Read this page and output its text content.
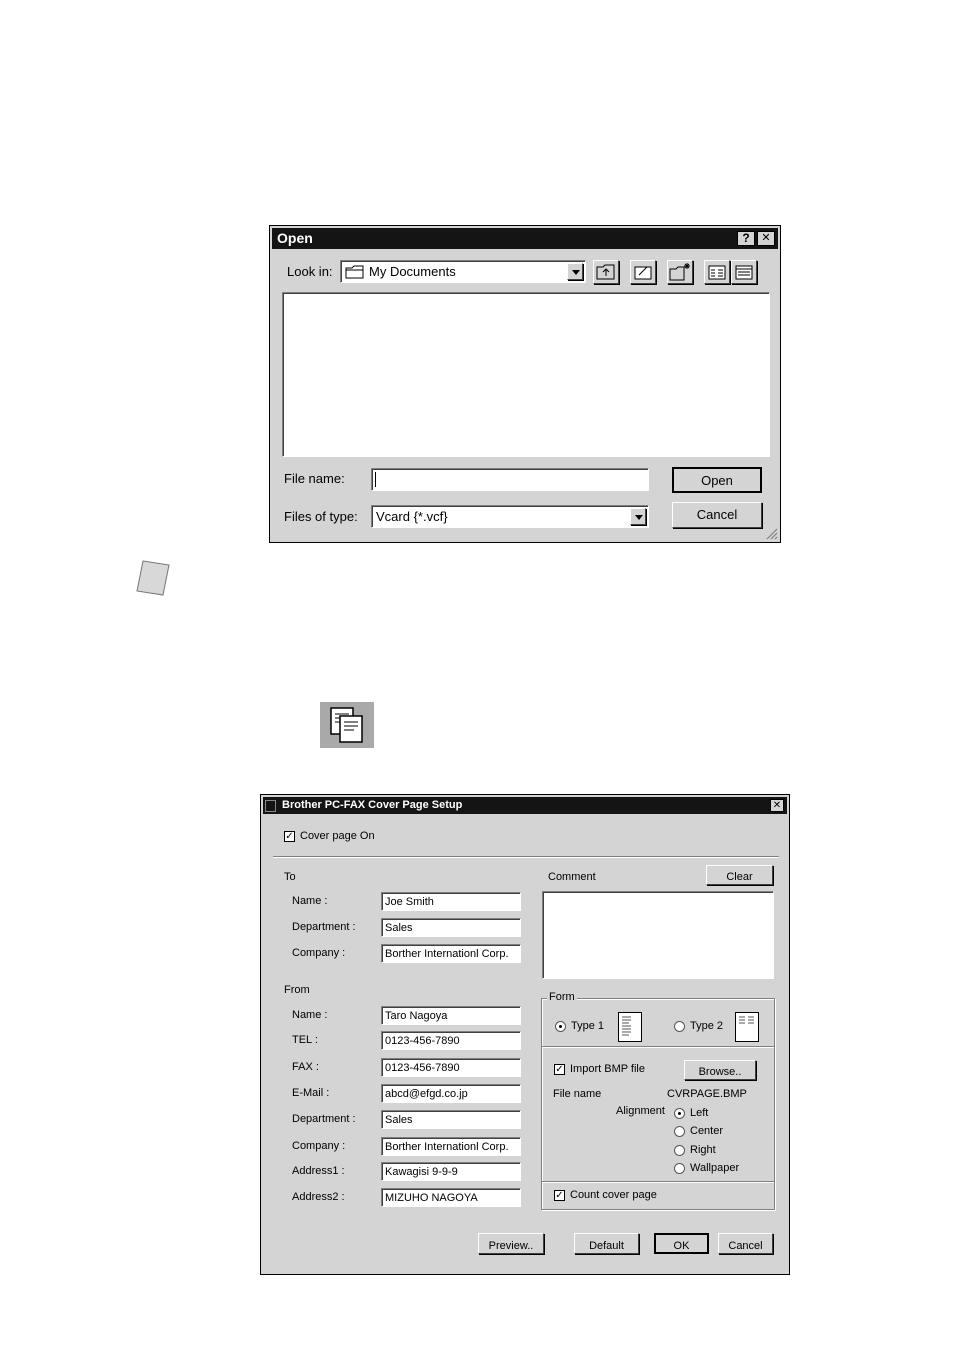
Open	?	✕
Look in:	My Documents
File name:
Files of type: Vcard {*.vcf}
Open
Cancel
Brother PC-FAX Cover Page Setup	✕
✓ Cover page On
To
Name :	Joe Smith
Department :	Sales
Company :	Borther Internationl Corp.
From
Name :	Taro Nagoya
TEL :	0123-456-7890
FAX :	0123-456-7890
E-Mail :	abcd@efgd.co.jp
Department :	Sales
Company :	Borther Internationl Corp.
Address1 :	Kawagisi 9-9-9
Address2 :	MIZUHO NAGOYA
Comment	Clear
Form
Type 1	Type 2
✓ Import BMP file	Browse..
File name	CVRPAGE.BMP
Alignment Left
Center
Right
Wallpaper
✓ Count cover page
$_{Preview..}$	$_{Default}$	OK	$_{Cancel}$
